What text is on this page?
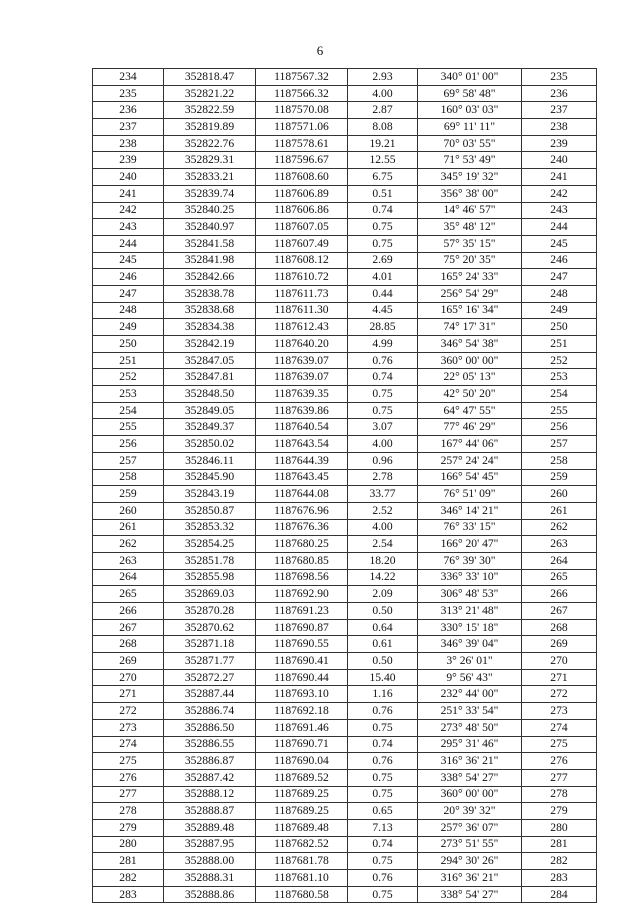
6
234	352818.47	1187567.32	2.93	340° 01' 00"	235
235	352821.22	1187566.32	4.00	69° 58' 48"	236
236	352822.59	1187570.08	2.87	160° 03' 03"	237
237	352819.89	1187571.06	8.08	69° 11' 11"	238
238	352822.76	1187578.61	19.21	70° 03' 55"	239
239	352829.31	1187596.67	12.55	71° 53' 49"	240
240	352833.21	1187608.60	6.75	345° 19' 32"	241
241	352839.74	1187606.89	0.51	356° 38' 00"	242
242	352840.25	1187606.86	0.74	14° 46' 57"	243
243	352840.97	1187607.05	0.75	35° 48' 12"	244
244	352841.58	1187607.49	0.75	57° 35' 15"	245
245	352841.98	1187608.12	2.69	75° 20' 35"	246
246	352842.66	1187610.72	4.01	165° 24' 33"	247
247	352838.78	1187611.73	0.44	256° 54' 29"	248
248	352838.68	1187611.30	4.45	165° 16' 34"	249
249	352834.38	1187612.43	28.85	74° 17' 31"	250
250	352842.19	1187640.20	4.99	346° 54' 38"	251
251	352847.05	1187639.07	0.76	360° 00' 00"	252
252	352847.81	1187639.07	0.74	22° 05' 13"	253
253	352848.50	1187639.35	0.75	42° 50' 20"	254
254	352849.05	1187639.86	0.75	64° 47' 55"	255
255	352849.37	1187640.54	3.07	77° 46' 29"	256
256	352850.02	1187643.54	4.00	167° 44' 06"	257
257	352846.11	1187644.39	0.96	257° 24' 24"	258
258	352845.90	1187643.45	2.78	166° 54' 45"	259
259	352843.19	1187644.08	33.77	76° 51' 09"	260
260	352850.87	1187676.96	2.52	346° 14' 21"	261
261	352853.32	1187676.36	4.00	76° 33' 15"	262
262	352854.25	1187680.25	2.54	166° 20' 47"	263
263	352851.78	1187680.85	18.20	76° 39' 30"	264
264	352855.98	1187698.56	14.22	336° 33' 10"	265
265	352869.03	1187692.90	2.09	306° 48' 53"	266
266	352870.28	1187691.23	0.50	313° 21' 48"	267
267	352870.62	1187690.87	0.64	330° 15' 18"	268
268	352871.18	1187690.55	0.61	346° 39' 04"	269
269	352871.77	1187690.41	0.50	3° 26' 01"	270
270	352872.27	1187690.44	15.40	9° 56' 43"	271
271	352887.44	1187693.10	1.16	232° 44' 00"	272
272	352886.74	1187692.18	0.76	251° 33' 54"	273
273	352886.50	1187691.46	0.75	273° 48' 50"	274
274	352886.55	1187690.71	0.74	295° 31' 46"	275
275	352886.87	1187690.04	0.76	316° 36' 21"	276
276	352887.42	1187689.52	0.75	338° 54' 27"	277
277	352888.12	1187689.25	0.75	360° 00' 00"	278
278	352888.87	1187689.25	0.65	20° 39' 32"	279
279	352889.48	1187689.48	7.13	257° 36' 07"	280
280	352887.95	1187682.52	0.74	273° 51' 55"	281
281	352888.00	1187681.78	0.75	294° 30' 26"	282
282	352888.31	1187681.10	0.76	316° 36' 21"	283
283	352888.86	1187680.58	0.75	338° 54' 27"	284
